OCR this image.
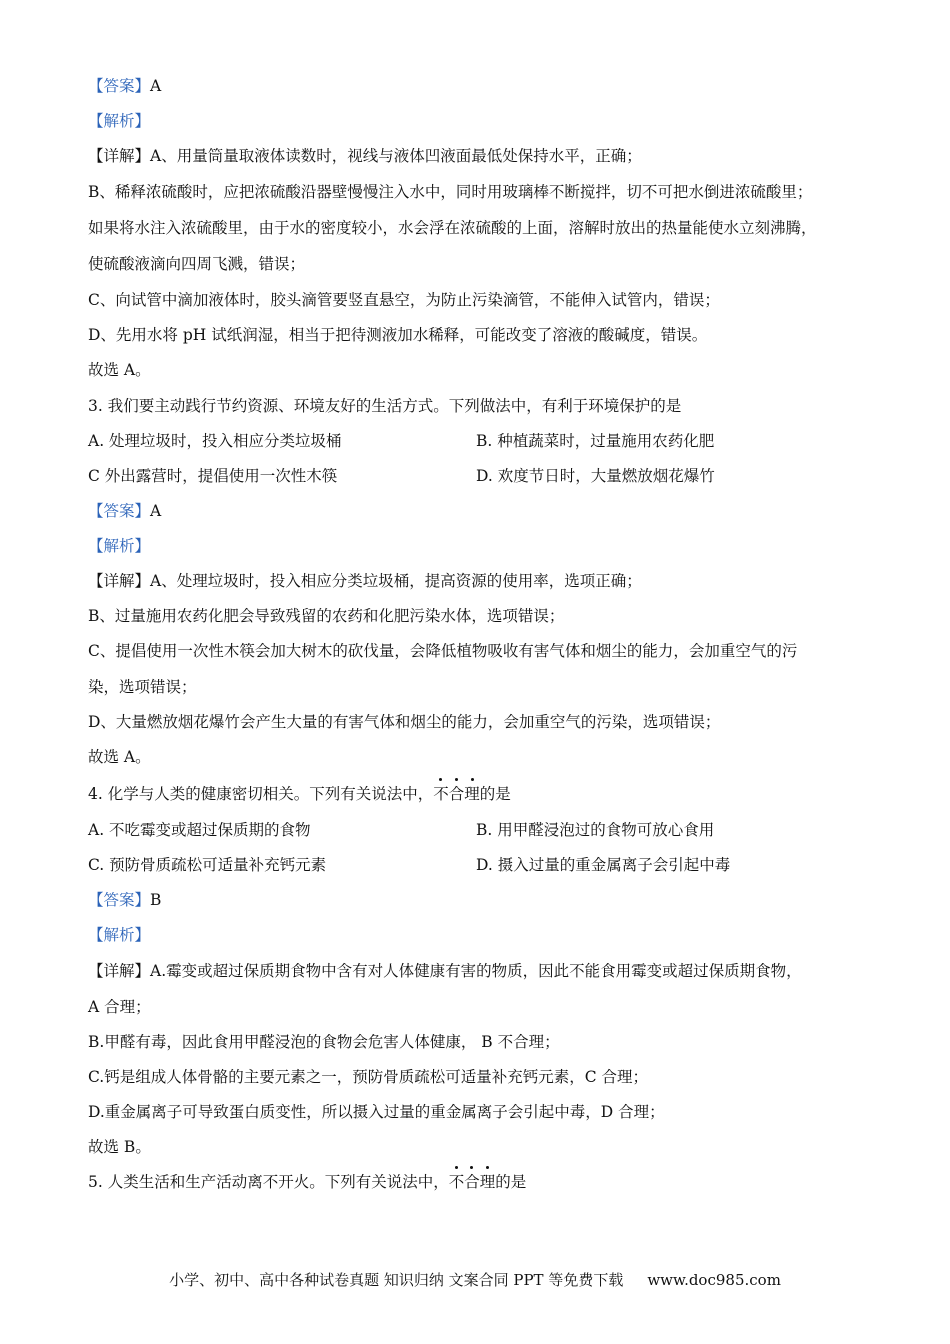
【答案】A
【解析】
【详解】A、用量筒量取液体读数时，视线与液体凹液面最低处保持水平，正确；
B、稀释浓硫酸时，应把浓硫酸沿器壁慢慢注入水中，同时用玻璃棒不断搅拌，切不可把水倒进浓硫酸里；
如果将水注入浓硫酸里，由于水的密度较小，水会浮在浓硫酸的上面，溶解时放出的热量能使水立刻沸腾，
使硫酸液滴向四周飞溅，错误；
C、向试管中滴加液体时，胶头滴管要竖直悬空，为防止污染滴管，不能伸入试管内，错误；
D、先用水将 pH 试纸润湿，相当于把待测液加水稀释，可能改变了溶液的酸碱度，错误。
故选 A。
3. 我们要主动践行节约资源、环境友好的生活方式。下列做法中，有利于环境保护的是
A. 处理垃圾时，投入相应分类垃圾桶	B. 种植蔬菜时，过量施用农药化肥
C 外出露营时，提倡使用一次性木筷	D. 欢度节日时，大量燃放烟花爆竹
【答案】A
【解析】
【详解】A、处理垃圾时，投入相应分类垃圾桶，提高资源的使用率，选项正确；
B、过量施用农药化肥会导致残留的农药和化肥污染水体，选项错误；
C、提倡使用一次性木筷会加大树木的砍伐量，会降低植物吸收有害气体和烟尘的能力，会加重空气的污
染，选项错误；
D、大量燃放烟花爆竹会产生大量的有害气体和烟尘的能力，会加重空气的污染，选项错误；
故选 A。
4. 化学与人类的健康密切相关。下列有关说法中，
不
合
理的是
A. 不吃霉变或超过保质期的食物	B. 用甲醛浸泡过的食物可放心食用
C. 预防骨质疏松可适量补充钙元素	D. 摄入过量的重金属离子会引起中毒
【答案】B
【解析】
【详解】A.霉变或超过保质期食物中含有对人体健康有害的物质，因此不能食用霉变或超过保质期食物，
A 合理；
B.甲醛有毒，因此食用甲醛浸泡的食物会危害人体健康， B 不合理；
C.钙是组成人体骨骼的主要元素之一，预防骨质疏松可适量补充钙元素，C 合理；
D.重金属离子可导致蛋白质变性，所以摄入过量的重金属离子会引起中毒，D 合理；
故选 B。
5. 人类生活和生产活动离不开火。下列有关说法中，
不
合
理的是
小学、初中、高中各种试卷真题 知识归纳 文案合同 PPT 等免费下载 www.doc985.com
